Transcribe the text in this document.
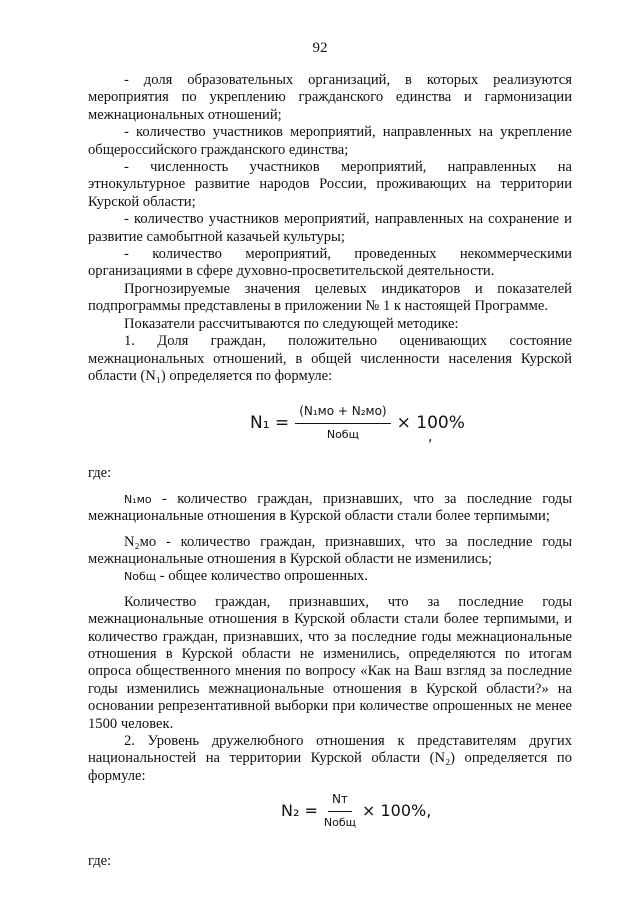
92

- доля образовательных организаций, в которых реализуются мероприятия по укреплению гражданского единства и гармонизации межнациональных отношений;

- количество участников мероприятий, направленных на укрепление общероссийского гражданского единства;

- численность участников мероприятий, направленных на этнокультурное развитие народов России, проживающих на территории Курской области;

- количество участников мероприятий, направленных на сохранение и развитие самобытной казачьей культуры;

- количество мероприятий, проведенных некоммерческими организациями в сфере духовно-просветительской деятельности.

Прогнозируемые значения целевых индикаторов и показателей подпрограммы представлены в приложении № 1 к настоящей Программе.

Показатели рассчитываются по следующей методике:

1. Доля граждан, положительно оценивающих состояние межнациональных отношений, в общей численности населения Курской области (N₁) определяется по формуле:

$N_1 = \frac{\text{(N₁мо + N₂мо)}}{\text{Nобщ}} \times 100\%$
,

где:

N₁мо - количество граждан, признавших, что за последние годы межнациональные отношения в Курской области стали более терпимыми;

N₂мо - количество граждан, признавших, что за последние годы межнациональные отношения в Курской области не изменились;

Nобщ - общее количество опрошенных.

Количество граждан, признавших, что за последние годы межнациональные отношения в Курской области стали более терпимыми, и количество граждан, признавших, что за последние годы межнациональные отношения в Курской области не изменились, определяются по итогам опроса общественного мнения по вопросу «Как на Ваш взгляд за последние годы изменились межнациональные отношения в Курской области?» на основании репрезентативной выборки при количестве опрошенных не менее 1500 человек.

2. Уровень дружелюбного отношения к представителям других национальностей на территории Курской области (N₂) определяется по формуле:

$N_2 = \frac{Nт}{\text{Nобщ}} \times 100\%$,

где:
